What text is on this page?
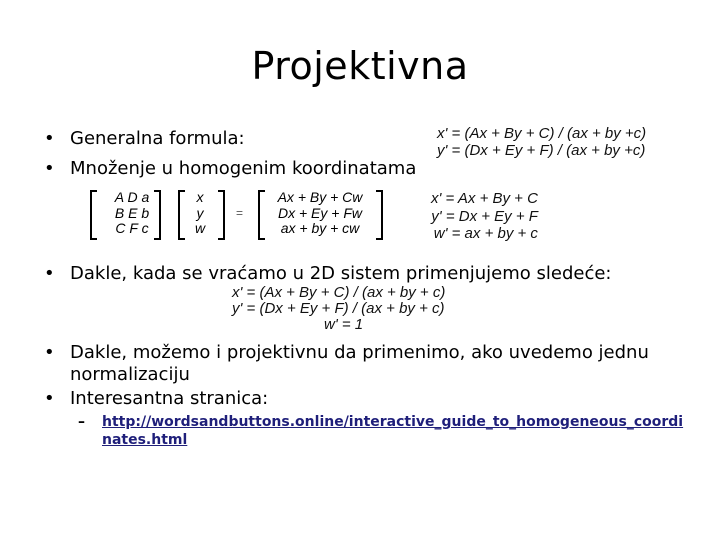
Projektivna
• Generalna formula:
• Množenje u homogenim koordinatama
x' = (Ax + By + C) / (ax + by +c)
y' = (Dx + Ey + F) / (ax + by +c)
A D a
B E b
C F c
x
y
w
=
Ax + By + Cw
Dx + Ey + Fw
ax + by + cw
x' = Ax + By + C
y' = Dx + Ey + F
w' = ax + by + c
• Dakle, kada se vraćamo u 2D sistem primenjujemo sledeće:
x' = (Ax + By + C) / (ax + by + c)
y' = (Dx + Ey + F) / (ax + by + c)
w' = 1
• Dakle, možemo i projektivnu da primenimo, ako uvedemo jednu normalizaciju
• Interesantna stranica:
– http://wordsandbuttons.online/interactive_guide_to_homogeneous_coordinates.html
